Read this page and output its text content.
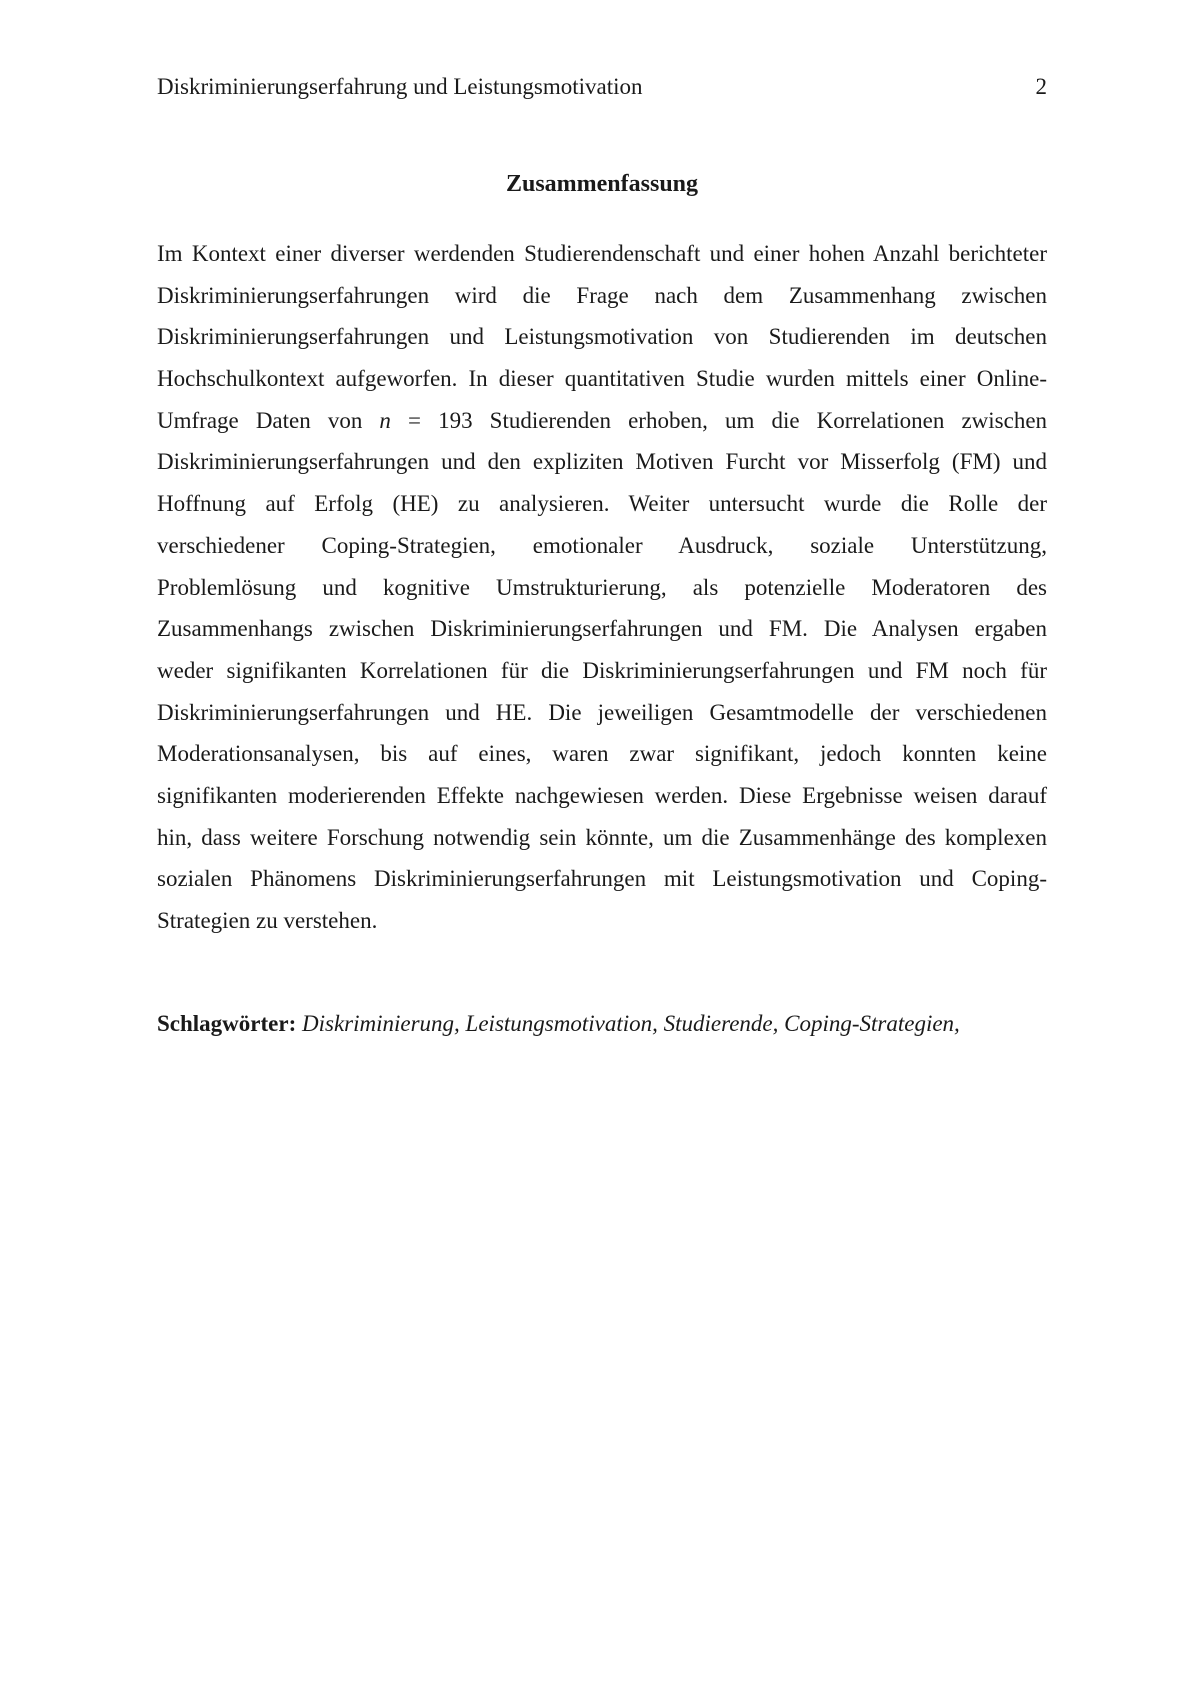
Diskriminierungserfahrung und Leistungsmotivation	2
Zusammenfassung
Im Kontext einer diverser werdenden Studierendenschaft und einer hohen Anzahl berichteter
Diskriminierungserfahrungen wird die Frage nach dem Zusammenhang zwischen
Diskriminierungserfahrungen und Leistungsmotivation von Studierenden im deutschen
Hochschulkontext aufgeworfen. In dieser quantitativen Studie wurden mittels einer Online-
Umfrage Daten von n = 193 Studierenden erhoben, um die Korrelationen zwischen
Diskriminierungserfahrungen und den expliziten Motiven Furcht vor Misserfolg (FM) und
Hoffnung auf Erfolg (HE) zu analysieren. Weiter untersucht wurde die Rolle der
verschiedener Coping-Strategien, emotionaler Ausdruck, soziale Unterstützung,
Problemlösung und kognitive Umstrukturierung, als potenzielle Moderatoren des
Zusammenhangs zwischen Diskriminierungserfahrungen und FM. Die Analysen ergaben
weder signifikanten Korrelationen für die Diskriminierungserfahrungen und FM noch für
Diskriminierungserfahrungen und HE. Die jeweiligen Gesamtmodelle der verschiedenen
Moderationsanalysen, bis auf eines, waren zwar signifikant, jedoch konnten keine
signifikanten moderierenden Effekte nachgewiesen werden. Diese Ergebnisse weisen darauf
hin, dass weitere Forschung notwendig sein könnte, um die Zusammenhänge des komplexen
sozialen Phänomens Diskriminierungserfahrungen mit Leistungsmotivation und Coping-
Strategien zu verstehen.
Schlagwörter: Diskriminierung, Leistungsmotivation, Studierende, Coping-Strategien,
